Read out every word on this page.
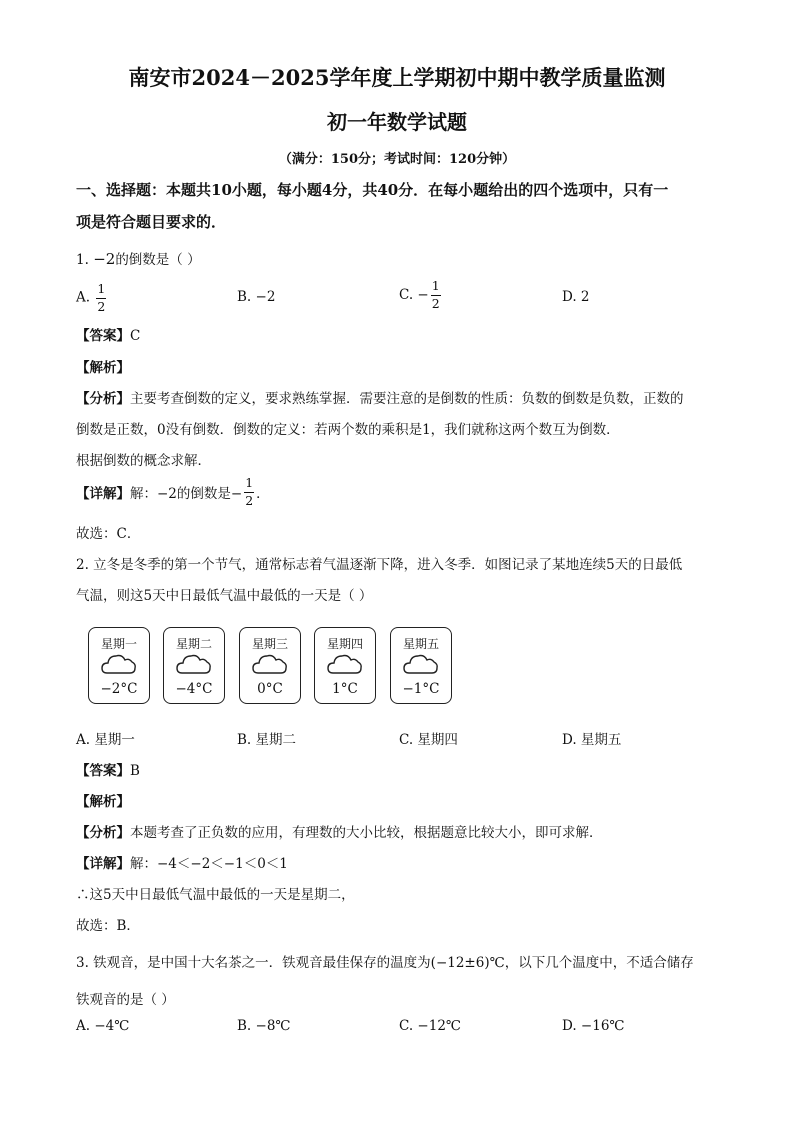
南安市2024－2025学年度上学期初中期中教学质量监测
初一年数学试题
（满分：150分；考试时间：120分钟）
一、选择题：本题共10小题，每小题4分，共40分．在每小题给出的四个选项中，只有一
项是符合题目要求的．
1. −2的倒数是（ ）
A. $\frac{1}{2}$	B. −2	C. − $\frac{1}{2}$	D. 2
【答案】C
【解析】
【分析】主要考查倒数的定义，要求熟练掌握．需要注意的是倒数的性质：负数的倒数是负数，正数的
倒数是正数，0没有倒数．倒数的定义：若两个数的乘积是1，我们就称这两个数互为倒数．
根据倒数的概念求解．
【详解】解：−2的倒数是− $\frac{1}{2}$ ．
故选：C．
2. 立冬是冬季的第一个节气，通常标志着气温逐渐下降，进入冬季．如图记录了某地连续5天的日最低
气温，则这5天中日最低气温中最低的一天是（ ）
星期一
−2°C
星期二
−4°C
星期三
0°C
星期四
1°C
星期五
−1°C
A. 星期一	B. 星期二	C. 星期四	D. 星期五
【答案】B
【解析】
【分析】本题考查了正负数的应用，有理数的大小比较，根据题意比较大小，即可求解．
【详解】解：−4＜−2＜−1＜0＜1
∴这5天中日最低气温中最低的一天是星期二，
故选：B．
3. 铁观音，是中国十大名茶之一．铁观音最佳保存的温度为(−12±6)℃，以下几个温度中，不适合储存
铁观音的是（ ）
A. −4℃	B. −8℃	C. −12℃	D. −16℃
